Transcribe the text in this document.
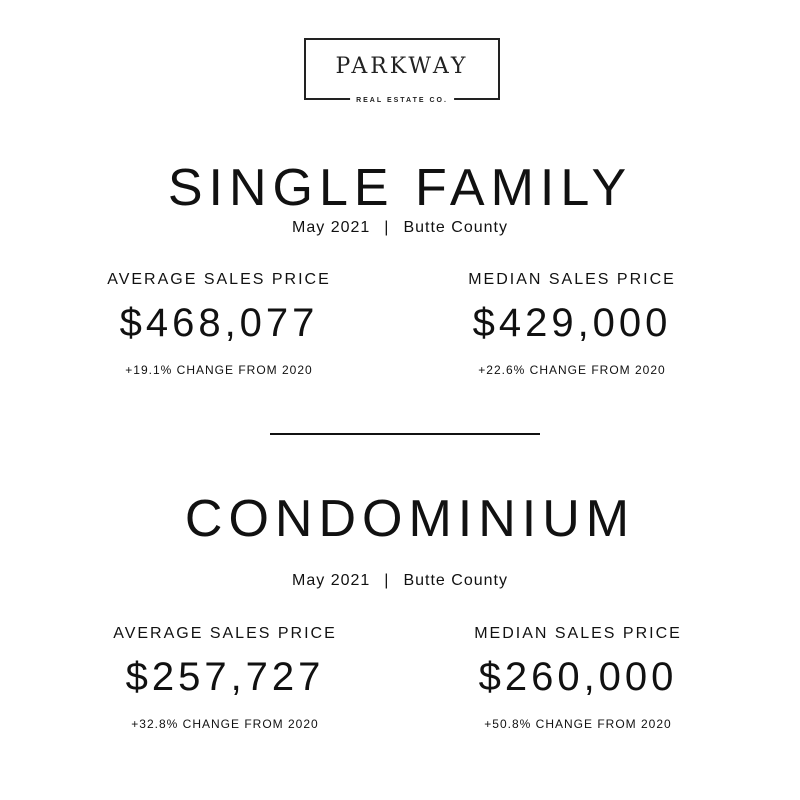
PARKWAY
REAL ESTATE CO.
SINGLE FAMILY
May 2021 | Butte County
AVERAGE SALES PRICE
$468,077
+19.1% CHANGE FROM 2020
MEDIAN SALES PRICE
$429,000
+22.6% CHANGE FROM 2020
CONDOMINIUM
May 2021 | Butte County
AVERAGE SALES PRICE
$257,727
+32.8% CHANGE FROM 2020
MEDIAN SALES PRICE
$260,000
+50.8% CHANGE FROM 2020
